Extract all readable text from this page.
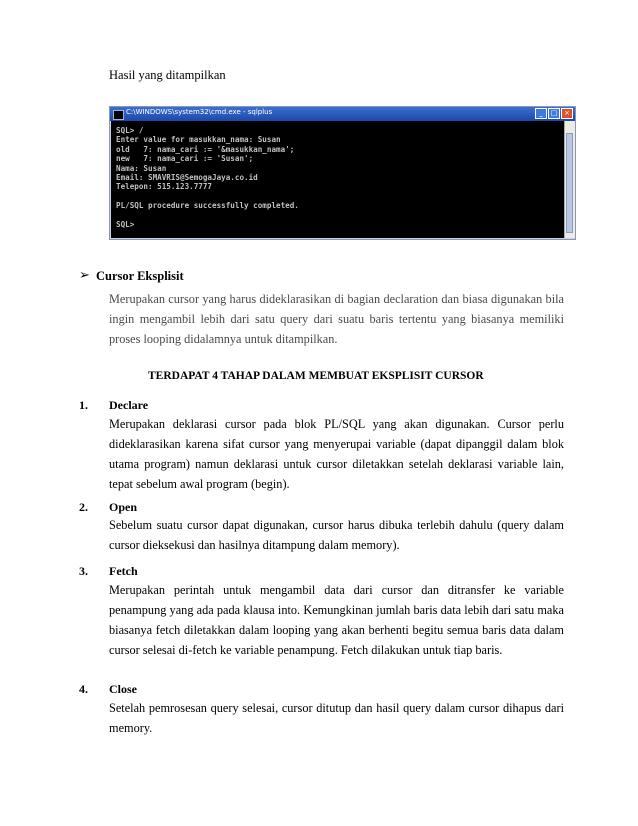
Hasil yang ditampilkan
C:\WINDOWS\system32\cmd.exe - sqlplus	_	□ ×
SQL> /
Enter value for masukkan_nama: Susan
old   7: nama_cari := '&masukkan_nama';
new   7: nama_cari := 'Susan';
Nama: Susan
Email: SMAVRIS@SemogaJaya.co.id
Telepon: 515.123.7777

PL/SQL procedure successfully completed.

SQL>
➢ Cursor Eksplisit
Merupakan cursor yang harus dideklarasikan di bagian declaration dan biasa digunakan bila ingin mengambil lebih dari satu query dari suatu baris tertentu yang biasanya memiliki proses looping didalamnya untuk ditampilkan.
TERDAPAT 4 TAHAP DALAM MEMBUAT EKSPLISIT CURSOR
1. Declare
Merupakan deklarasi cursor pada blok PL/SQL yang akan digunakan. Cursor perlu dideklarasikan karena sifat cursor yang menyerupai variable (dapat dipanggil dalam blok utama program) namun deklarasi untuk cursor diletakkan setelah deklarasi variable lain, tepat sebelum awal program (begin).
2. Open
Sebelum suatu cursor dapat digunakan, cursor harus dibuka terlebih dahulu (query dalam cursor dieksekusi dan hasilnya ditampung dalam memory).
3. Fetch
Merupakan perintah untuk mengambil data dari cursor dan ditransfer ke variable penampung yang ada pada klausa into. Kemungkinan jumlah baris data lebih dari satu maka biasanya fetch diletakkan dalam looping yang akan berhenti begitu semua baris data dalam cursor selesai di-fetch ke variable penampung. Fetch dilakukan untuk tiap baris.
4. Close
Setelah pemrosesan query selesai, cursor ditutup dan hasil query dalam cursor dihapus dari memory.
